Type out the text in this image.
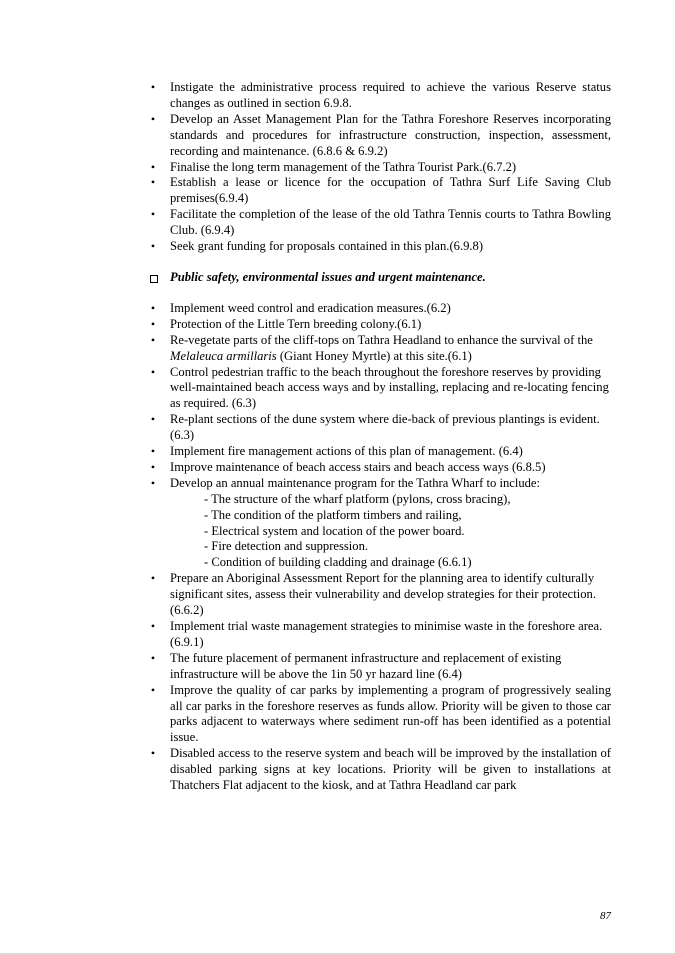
• Instigate the administrative process required to achieve the various Reserve status changes as outlined in section 6.9.8.
• Develop an Asset Management Plan for the Tathra Foreshore Reserves incorporating standards and procedures for infrastructure construction, inspection, assessment, recording and maintenance. (6.8.6 & 6.9.2)
• Finalise the long term management of the Tathra Tourist Park.(6.7.2)
• Establish a lease or licence for the occupation of Tathra Surf Life Saving Club premises(6.9.4)
• Facilitate the completion of the lease of the old Tathra Tennis courts to Tathra Bowling Club. (6.9.4)
• Seek grant funding for proposals contained in this plan.(6.9.8)
Public safety, environmental issues and urgent maintenance.
• Implement weed control and eradication measures.(6.2)
• Protection of the Little Tern breeding colony.(6.1)
• Re-vegetate parts of the cliff-tops on Tathra Headland to enhance the survival of the Melaleuca armillaris (Giant Honey Myrtle) at this site.(6.1)
• Control pedestrian traffic to the beach throughout the foreshore reserves by providing well-maintained beach access ways and by installing, replacing and re-locating fencing as required. (6.3)
• Re-plant sections of the dune system where die-back of previous plantings is evident.(6.3)
• Implement fire management actions of this plan of management. (6.4)
• Improve maintenance of beach access stairs and beach access ways (6.8.5)
• Develop an annual maintenance program for the Tathra Wharf to include:
- The structure of the wharf platform (pylons, cross bracing),
- The condition of the platform timbers and railing,
- Electrical system and location of the power board.
- Fire detection and suppression.
- Condition of building cladding and drainage (6.6.1)
• Prepare an Aboriginal Assessment Report for the planning area to identify culturally significant sites, assess their vulnerability and develop strategies for their protection. (6.6.2)
• Implement trial waste management strategies to minimise waste in the foreshore area. (6.9.1)
• The future placement of permanent infrastructure and replacement of existing infrastructure will be above the 1in 50 yr hazard line (6.4)
• Improve the quality of car parks by implementing a program of progressively sealing all car parks in the foreshore reserves as funds allow. Priority will be given to those car parks adjacent to waterways where sediment run-off has been identified as a potential issue.
• Disabled access to the reserve system and beach will be improved by the installation of disabled parking signs at key locations. Priority will be given to installations at Thatchers Flat adjacent to the kiosk, and at Tathra Headland car park
87
